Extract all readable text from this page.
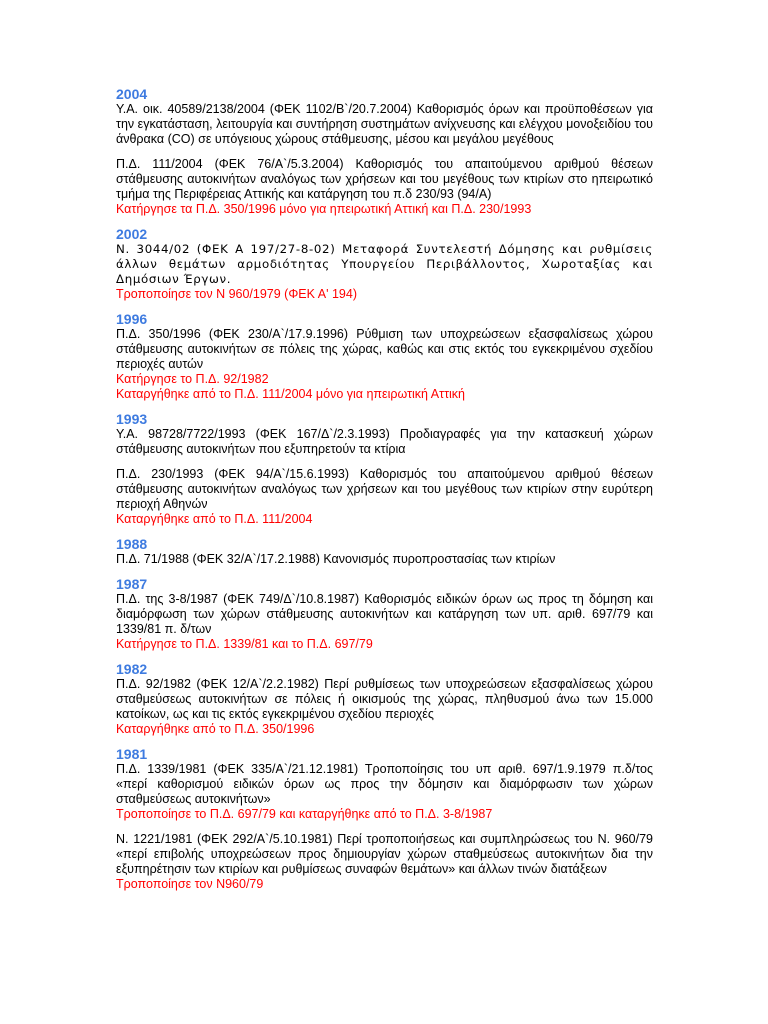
2004
Υ.Α. οικ. 40589/2138/2004 (ΦΕΚ 1102/Β`/20.7.2004) Καθορισμός όρων και προϋποθέσεων για την εγκατάσταση, λειτουργία και συντήρηση συστημάτων ανίχνευσης και ελέγχου μονοξειδίου του άνθρακα (CO) σε υπόγειους χώρους στάθμευσης, μέσου και μεγάλου μεγέθους
Π.Δ. 111/2004 (ΦΕΚ 76/Α`/5.3.2004) Καθορισμός του απαιτούμενου αριθμού θέσεων στάθμευσης αυτοκινήτων αναλόγως των χρήσεων και του μεγέθους των κτιρίων στο ηπειρωτικό τμήμα της Περιφέρειας Αττικής και κατάργηση του π.δ 230/93 (94/Α)
Κατήργησε τα Π.Δ. 350/1996 μόνο για ηπειρωτική Αττική και Π.Δ. 230/1993
2002
Ν. 3044/02 (ΦΕΚ Α 197/27-8-02) Μεταφορά Συντελεστή Δόμησης και ρυθμίσεις άλλων θεμάτων αρμοδιότητας Υπουργείου Περιβάλλοντος, Χωροταξίας και Δημόσιων Έργων.
Τροποποίησε τον Ν 960/1979 (ΦΕΚ Α' 194)
1996
Π.Δ. 350/1996 (ΦΕΚ 230/Α`/17.9.1996) Ρύθμιση των υποχρεώσεων εξασφαλίσεως χώρου στάθμευσης αυτοκινήτων σε πόλεις της χώρας, καθώς και στις εκτός του εγκεκριμένου σχεδίου περιοχές αυτών
Κατήργησε το Π.Δ. 92/1982
Καταργήθηκε από το Π.Δ. 111/2004 μόνο για ηπειρωτική Αττική
1993
Υ.Α. 98728/7722/1993 (ΦΕΚ 167/Δ`/2.3.1993) Προδιαγραφές για την κατασκευή χώρων στάθμευσης αυτοκινήτων που εξυπηρετούν τα κτίρια
Π.Δ. 230/1993 (ΦΕΚ 94/Α`/15.6.1993) Καθορισμός του απαιτούμενου αριθμού θέσεων στάθμευσης αυτοκινήτων αναλόγως των χρήσεων και του μεγέθους των κτιρίων στην ευρύτερη περιοχή Αθηνών
Καταργήθηκε από το Π.Δ. 111/2004
1988
Π.Δ. 71/1988 (ΦΕΚ 32/Α`/17.2.1988) Κανονισμός πυροπροστασίας των κτιρίων
1987
Π.Δ. της 3-8/1987 (ΦΕΚ 749/Δ`/10.8.1987) Καθορισμός ειδικών όρων ως προς τη δόμηση και διαμόρφωση των χώρων στάθμευσης αυτοκινήτων και κατάργηση των υπ. αριθ. 697/79 και 1339/81 π. δ/των
Κατήργησε το Π.Δ. 1339/81 και το Π.Δ. 697/79
1982
Π.Δ. 92/1982 (ΦΕΚ 12/Α`/2.2.1982) Περί ρυθμίσεως των υποχρεώσεων εξασφαλίσεως χώρου σταθμεύσεως αυτοκινήτων σε πόλεις ή οικισμούς της χώρας, πληθυσμού άνω των 15.000 κατοίκων, ως και τις εκτός εγκεκριμένου σχεδίου περιοχές
Καταργήθηκε από το Π.Δ. 350/1996
1981
Π.Δ. 1339/1981 (ΦΕΚ 335/Α`/21.12.1981) Τροποποίησις του υπ αριθ. 697/1.9.1979 π.δ/τος «περί καθορισμού ειδικών όρων ως προς την δόμησιν και διαμόρφωσιν των χώρων σταθμεύσεως αυτοκινήτων»
Τροποποίησε το Π.Δ. 697/79 και καταργήθηκε από το Π.Δ. 3-8/1987
Ν. 1221/1981 (ΦΕΚ 292/Α`/5.10.1981) Περί τροποποιήσεως και συμπληρώσεως του Ν. 960/79 «περί επιβολής υποχρεώσεων προς δημιουργίαν χώρων σταθμεύσεως αυτοκινήτων δια την εξυπηρέτησιν των κτιρίων και ρυθμίσεως συναφών θεμάτων» και άλλων τινών διατάξεων
Τροποποίησε τον Ν960/79
